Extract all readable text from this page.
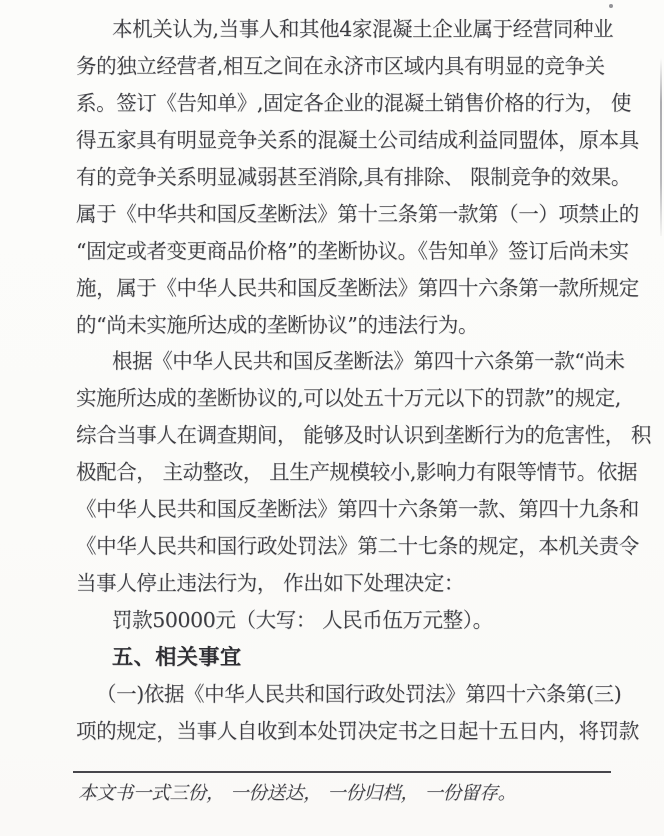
本机关认为,当事人和其他4家混凝土企业属于经营同种业
务的独立经营者,相互之间在永济市区域内具有明显的竞争关
系。签订《告知单》,固定各企业的混凝土销售价格的行为， 使
得五家具有明显竞争关系的混凝土公司结成利益同盟体，原本具
有的竞争关系明显减弱甚至消除,具有排除、 限制竞争的效果。
属于《中华共和国反垄断法》第十三条第一款第（一）项禁止的
“固定或者变更商品价格”的垄断协议。《告知单》签订后尚未实
施，属于《中华人民共和国反垄断法》第四十六条第一款所规定
的“尚未实施所达成的垄断协议”的违法行为。
根据《中华人民共和国反垄断法》第四十六条第一款“尚未
实施所达成的垄断协议的,可以处五十万元以下的罚款”的规定,
综合当事人在调查期间， 能够及时认识到垄断行为的危害性， 积
极配合， 主动整改， 且生产规模较小,影响力有限等情节。依据
《中华人民共和国反垄断法》第四十六条第一款、第四十九条和
《中华人民共和国行政处罚法》第二十七条的规定，本机关责令
当事人停止违法行为， 作出如下处理决定：
罚款50000元（大写： 人民币伍万元整）。
五、相关事宜
（一)依据《中华人民共和国行政处罚法》第四十六条第(三)
项的规定，当事人自收到本处罚决定书之日起十五日内，将罚款
本文书一式三份， 一份送达， 一份归档， 一份留存。
